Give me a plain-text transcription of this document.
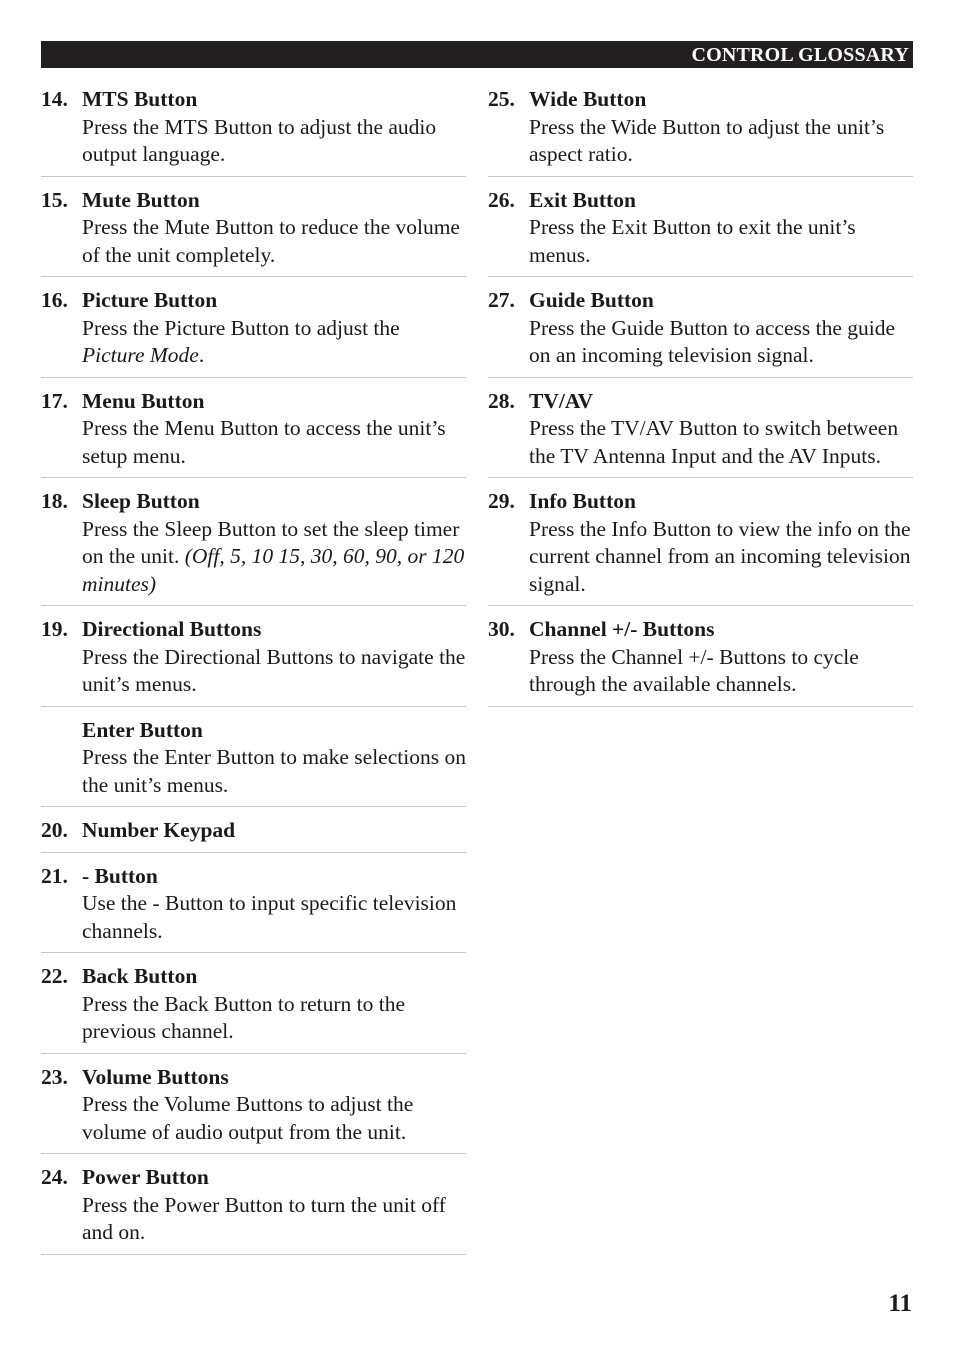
CONTROL GLOSSARY
14. MTS Button
Press the MTS Button to adjust the audio output language.
15. Mute Button
Press the Mute Button to reduce the volume of the unit completely.
16. Picture Button
Press the Picture Button to adjust the Picture Mode.
17. Menu Button
Press the Menu Button to access the unit’s setup menu.
18. Sleep Button
Press the Sleep Button to set the sleep timer on the unit. (Off, 5, 10 15, 30, 60, 90, or 120 minutes)
19. Directional Buttons
Press the Directional Buttons to navigate the unit’s menus.
Enter Button
Press the Enter Button to make selections on the unit’s menus.
20. Number Keypad
21. - Button
Use the - Button to input specific television channels.
22. Back Button
Press the Back Button to return to the previous channel.
23. Volume Buttons
Press the Volume Buttons to adjust the volume of audio output from the unit.
24. Power Button
Press the Power Button to turn the unit off and on.
25. Wide Button
Press the Wide Button to adjust the unit’s aspect ratio.
26. Exit Button
Press the Exit Button to exit the unit’s menus.
27. Guide Button
Press the Guide Button to access the guide on an incoming television signal.
28. TV/AV
Press the TV/AV Button to switch between the TV Antenna Input and the AV Inputs.
29. Info Button
Press the Info Button to view the info on the current channel from an incoming television signal.
30. Channel +/- Buttons
Press the Channel +/- Buttons to cycle through the available channels.
11
